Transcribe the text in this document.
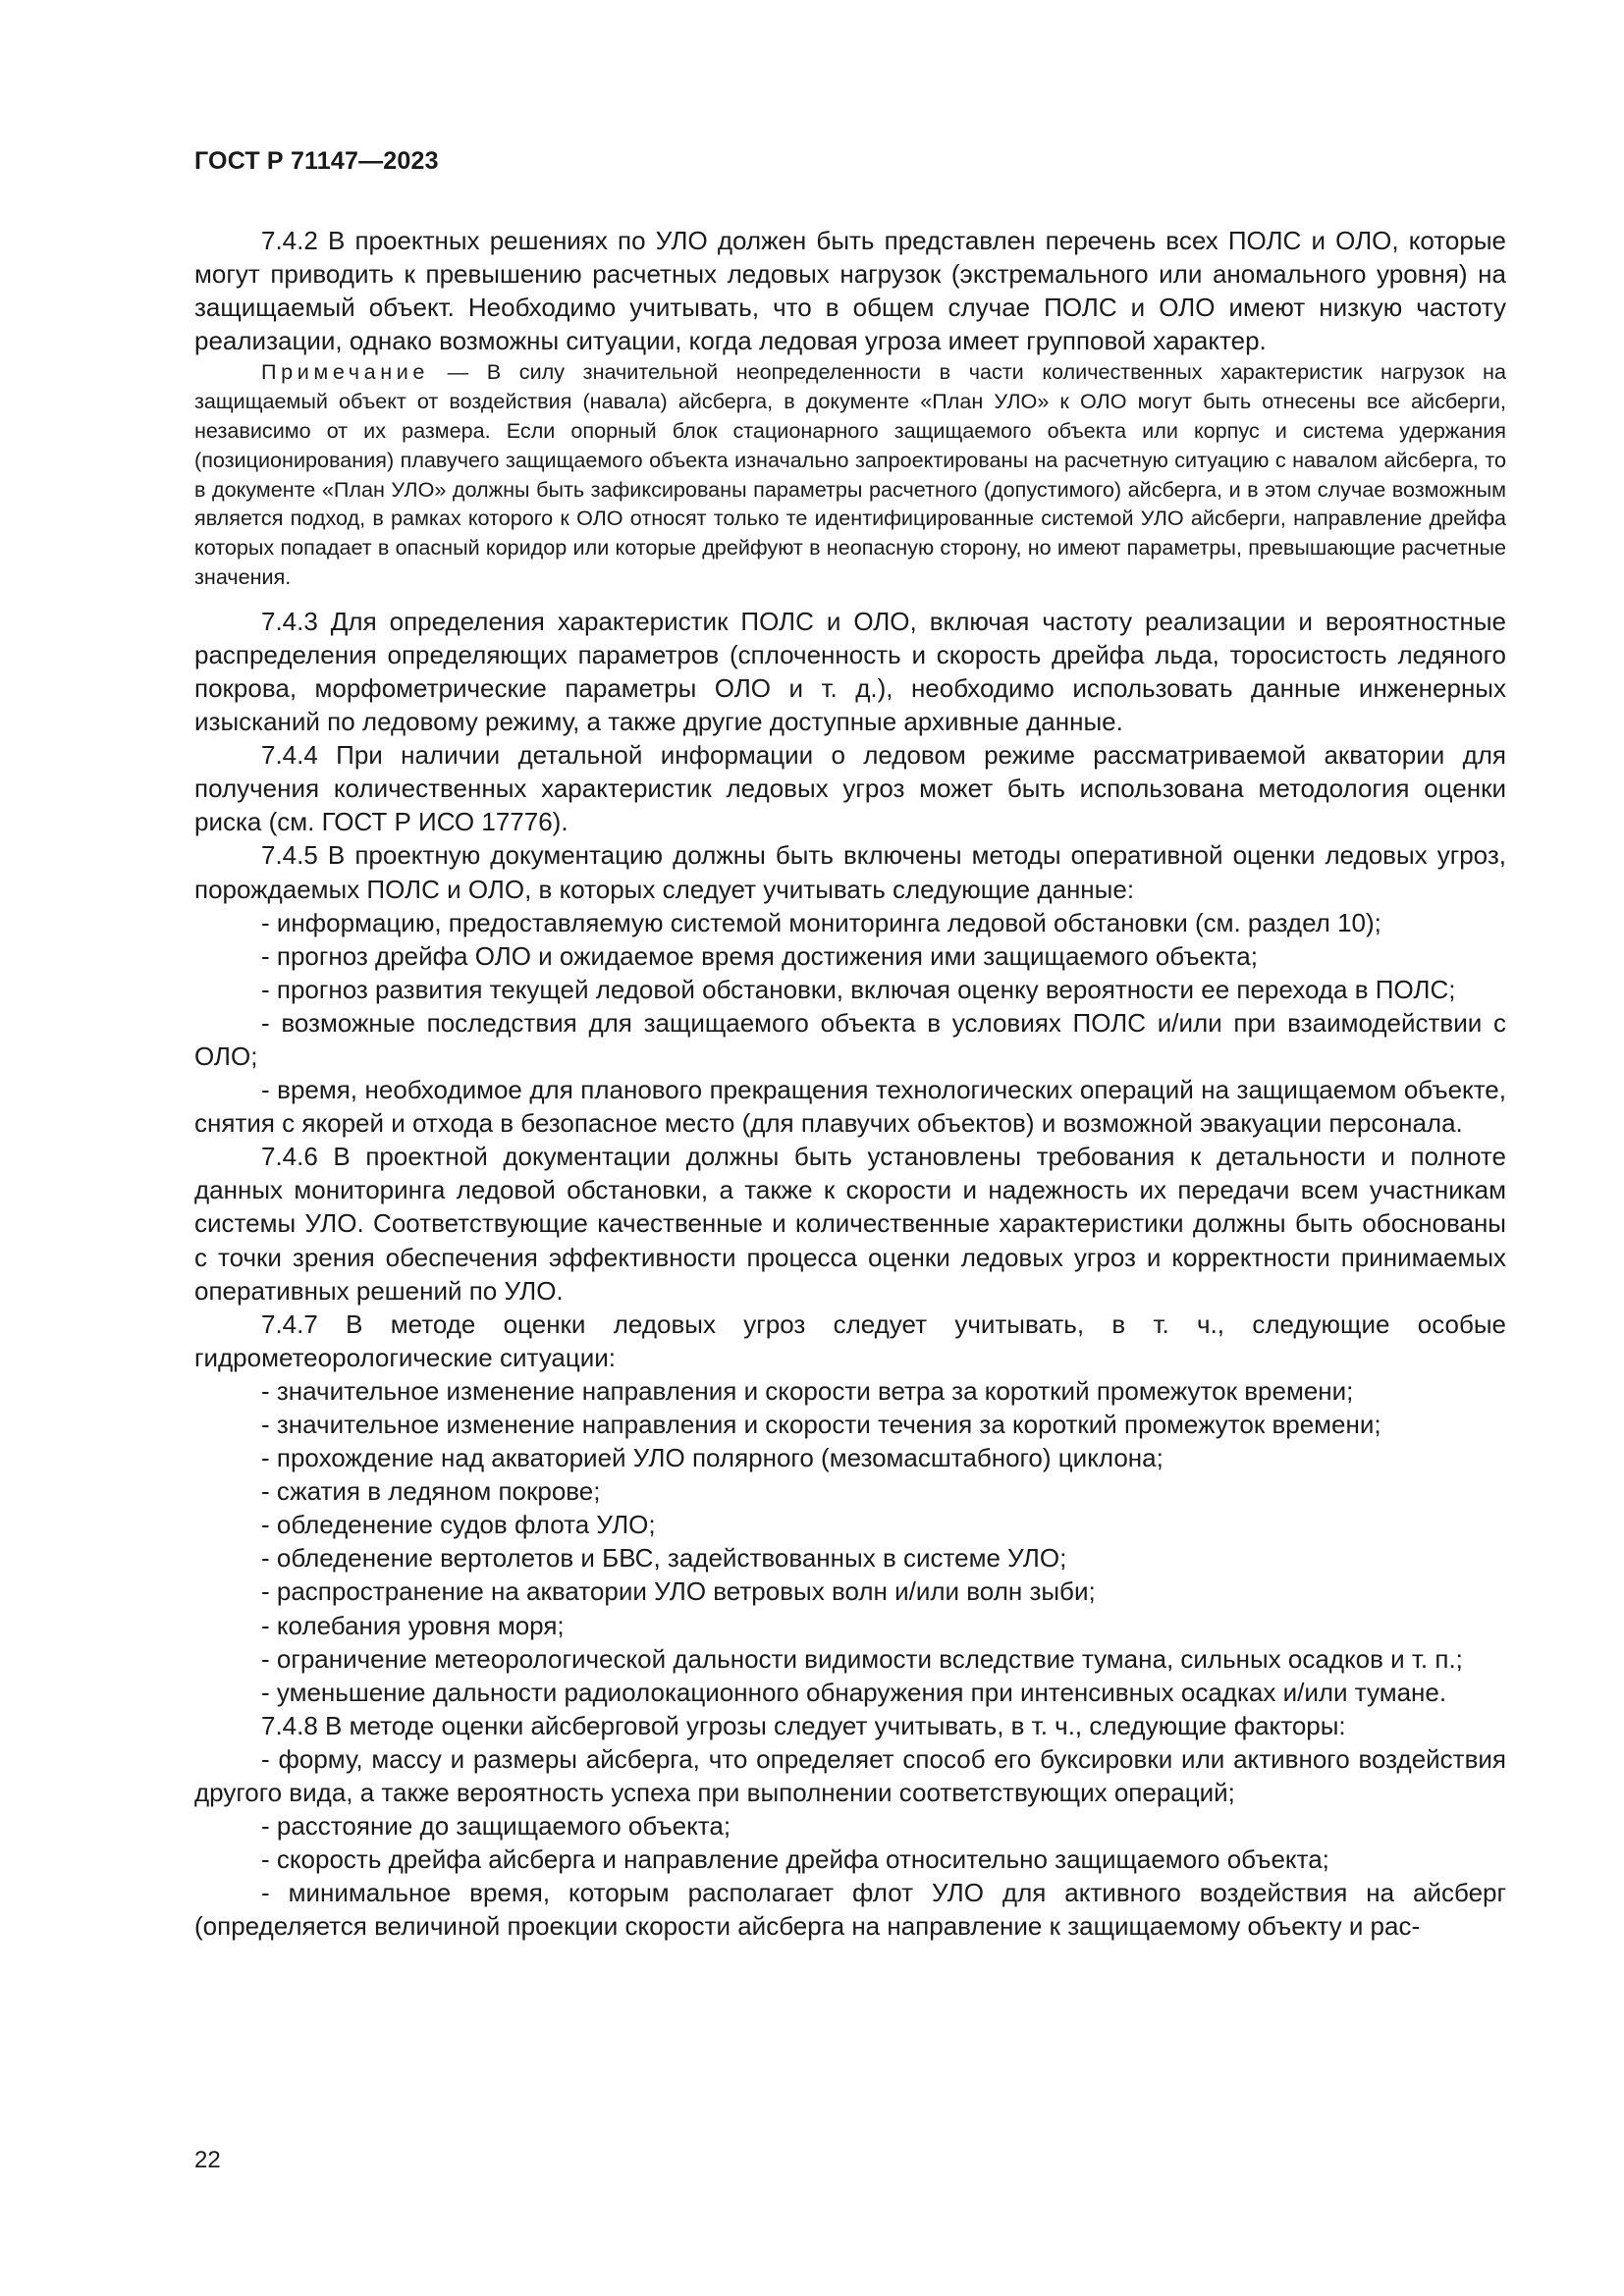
ГОСТ Р 71147—2023

7.4.2 В проектных решениях по УЛО должен быть представлен перечень всех ПОЛС и ОЛО, которые могут приводить к превышению расчетных ледовых нагрузок (экстремального или аномального уровня) на защищаемый объект. Необходимо учитывать, что в общем случае ПОЛС и ОЛО имеют низкую частоту реализации, однако возможны ситуации, когда ледовая угроза имеет групповой характер.

Примечание — В силу значительной неопределенности в части количественных характеристик нагрузок на защищаемый объект от воздействия (навала) айсберга, в документе «План УЛО» к ОЛО могут быть отнесены все айсберги, независимо от их размера. Если опорный блок стационарного защищаемого объекта или корпус и система удержания (позиционирования) плавучего защищаемого объекта изначально запроектированы на расчетную ситуацию с навалом айсберга, то в документе «План УЛО» должны быть зафиксированы параметры расчетного (допустимого) айсберга, и в этом случае возможным является подход, в рамках которого к ОЛО относят только те идентифицированные системой УЛО айсберги, направление дрейфа которых попадает в опасный коридор или которые дрейфуют в неопасную сторону, но имеют параметры, превышающие расчетные значения.

7.4.3 Для определения характеристик ПОЛС и ОЛО, включая частоту реализации и вероятностные распределения определяющих параметров (сплоченность и скорость дрейфа льда, торосистость ледяного покрова, морфометрические параметры ОЛО и т. д.), необходимо использовать данные инженерных изысканий по ледовому режиму, а также другие доступные архивные данные.

7.4.4 При наличии детальной информации о ледовом режиме рассматриваемой акватории для получения количественных характеристик ледовых угроз может быть использована методология оценки риска (см. ГОСТ Р ИСО 17776).

7.4.5 В проектную документацию должны быть включены методы оперативной оценки ледовых угроз, порождаемых ПОЛС и ОЛО, в которых следует учитывать следующие данные:

- информацию, предоставляемую системой мониторинга ледовой обстановки (см. раздел 10);

- прогноз дрейфа ОЛО и ожидаемое время достижения ими защищаемого объекта;

- прогноз развития текущей ледовой обстановки, включая оценку вероятности ее перехода в ПОЛС;

- возможные последствия для защищаемого объекта в условиях ПОЛС и/или при взаимодействии с ОЛО;

- время, необходимое для планового прекращения технологических операций на защищаемом объекте, снятия с якорей и отхода в безопасное место (для плавучих объектов) и возможной эвакуации персонала.

7.4.6 В проектной документации должны быть установлены требования к детальности и полноте данных мониторинга ледовой обстановки, а также к скорости и надежность их передачи всем участникам системы УЛО. Соответствующие качественные и количественные характеристики должны быть обоснованы с точки зрения обеспечения эффективности процесса оценки ледовых угроз и корректности принимаемых оперативных решений по УЛО.

7.4.7 В методе оценки ледовых угроз следует учитывать, в т. ч., следующие особые гидрометеорологические ситуации:

- значительное изменение направления и скорости ветра за короткий промежуток времени;

- значительное изменение направления и скорости течения за короткий промежуток времени;

- прохождение над акваторией УЛО полярного (мезомасштабного) циклона;

- сжатия в ледяном покрове;

- обледенение судов флота УЛО;

- обледенение вертолетов и БВС, задействованных в системе УЛО;

- распространение на акватории УЛО ветровых волн и/или волн зыби;

- колебания уровня моря;

- ограничение метеорологической дальности видимости вследствие тумана, сильных осадков и т. п.;

- уменьшение дальности радиолокационного обнаружения при интенсивных осадках и/или тумане.

7.4.8 В методе оценки айсберговой угрозы следует учитывать, в т. ч., следующие факторы:

- форму, массу и размеры айсберга, что определяет способ его буксировки или активного воздействия другого вида, а также вероятность успеха при выполнении соответствующих операций;

- расстояние до защищаемого объекта;

- скорость дрейфа айсберга и направление дрейфа относительно защищаемого объекта;

- минимальное время, которым располагает флот УЛО для активного воздействия на айсберг (определяется величиной проекции скорости айсберга на направление к защищаемому объекту и рас-

22
